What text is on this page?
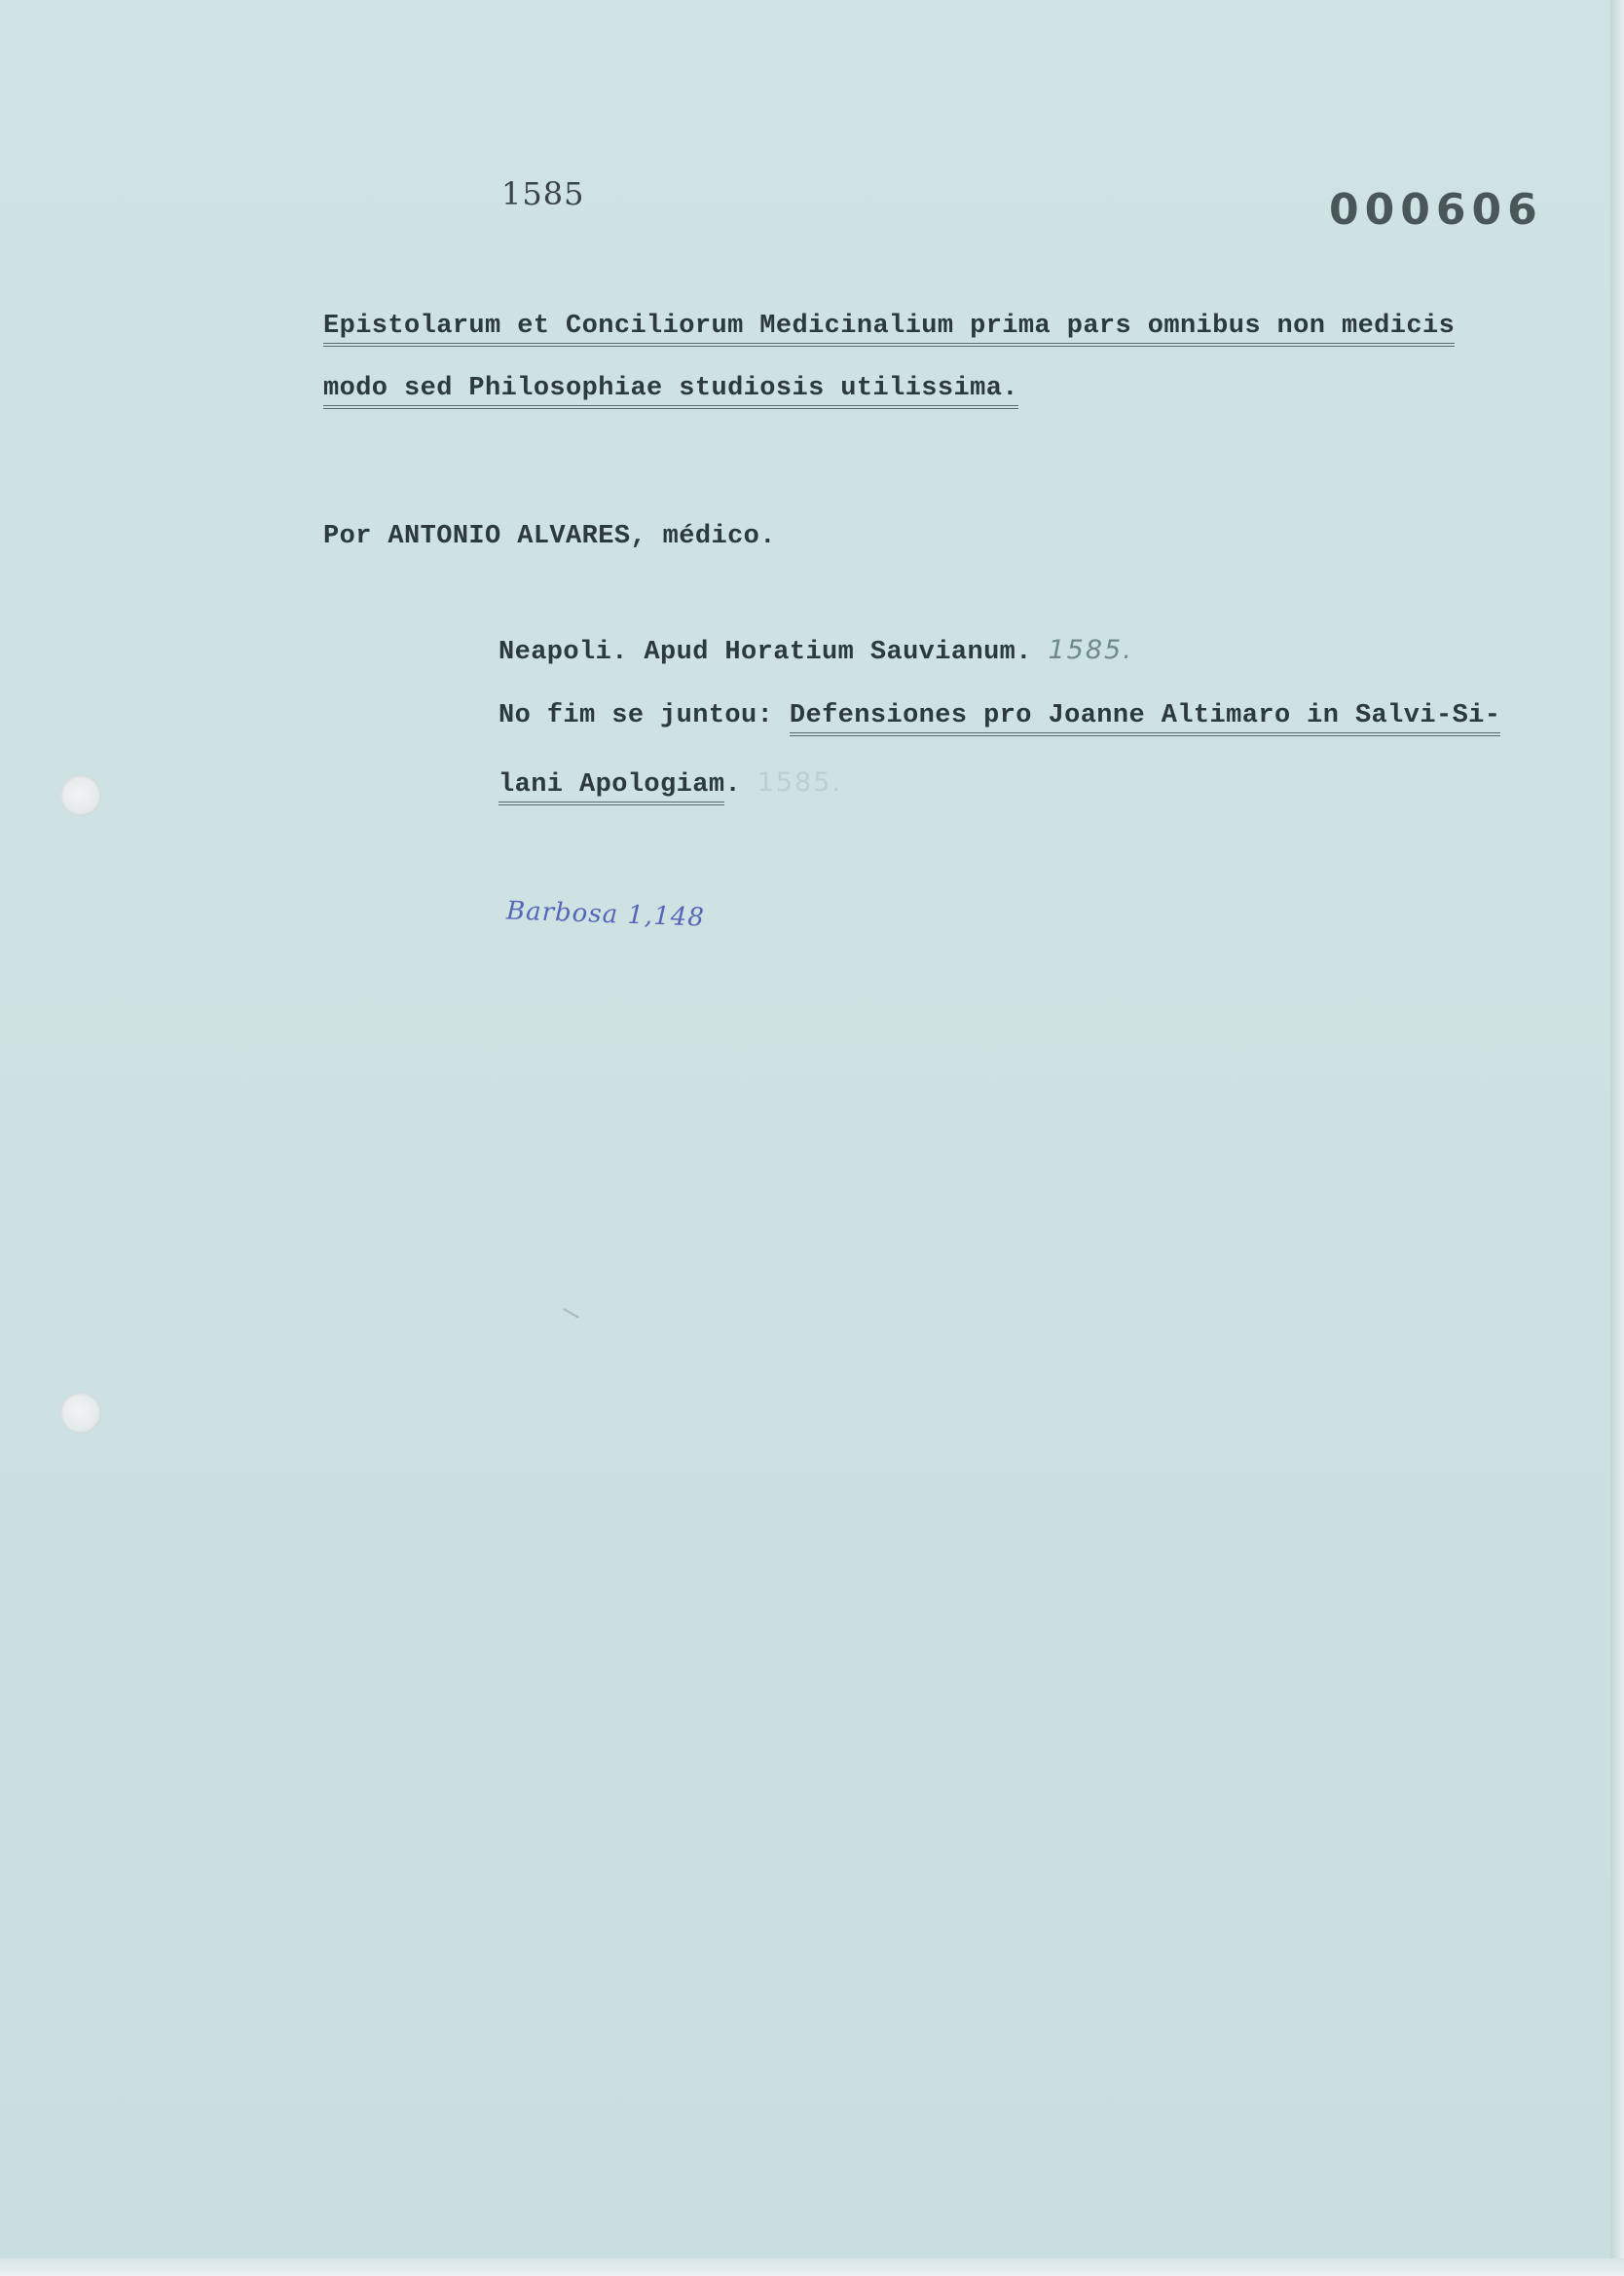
1585	000606
Epistolarum et Conciliorum Medicinalium prima pars omnibus non medicis
modo sed Philosophiae studiosis utilissima.
Por ANTONIO ALVARES, médico.
Neapoli. Apud Horatium Sauvianum. 1585.
No fim se juntou: Defensiones pro Joanne Altimaro in Salvi-Si-
lani Apologiam. 1585.
Barbosa 1,148
